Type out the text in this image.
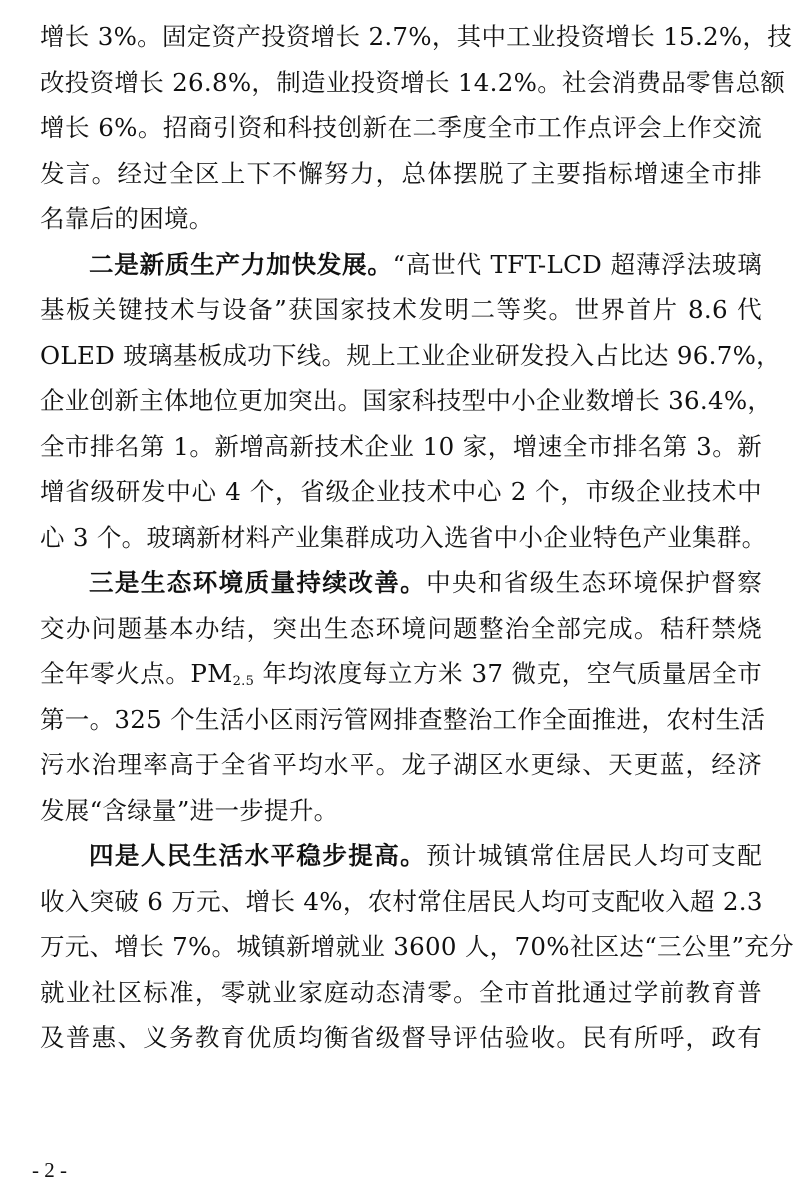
增长 3%。固定资产投资增长 2.7%，其中工业投资增长 15.2%，技
改投资增长 26.8%，制造业投资增长 14.2%。社会消费品零售总额
增长 6%。招商引资和科技创新在二季度全市工作点评会上作交流
发言。经过全区上下不懈努力，总体摆脱了主要指标增速全市排
名靠后的困境。
二是新质生产力加快发展。“高世代 TFT-LCD 超薄浮法玻璃
基板关键技术与设备”获国家技术发明二等奖。世界首片 8.6 代
OLED 玻璃基板成功下线。规上工业企业研发投入占比达 96.7%，
企业创新主体地位更加突出。国家科技型中小企业数增长 36.4%，
全市排名第 1。新增高新技术企业 10 家，增速全市排名第 3。新
增省级研发中心 4 个，省级企业技术中心 2 个，市级企业技术中
心 3 个。玻璃新材料产业集群成功入选省中小企业特色产业集群。
三是生态环境质量持续改善。中央和省级生态环境保护督察
交办问题基本办结，突出生态环境问题整治全部完成。秸秆禁烧
全年零火点。$PM_{2.5}$ 年均浓度每立方米 37 微克，空气质量居全市
第一。325 个生活小区雨污管网排查整治工作全面推进，农村生活
污水治理率高于全省平均水平。龙子湖区水更绿、天更蓝，经济
发展“含绿量”进一步提升。
四是人民生活水平稳步提高。预计城镇常住居民人均可支配
收入突破 6 万元、增长 4%，农村常住居民人均可支配收入超 2.3
万元、增长 7%。城镇新增就业 3600 人，70%社区达“三公里”充分
就业社区标准，零就业家庭动态清零。全市首批通过学前教育普
及普惠、义务教育优质均衡省级督导评估验收。民有所呼，政有
- 2 -
